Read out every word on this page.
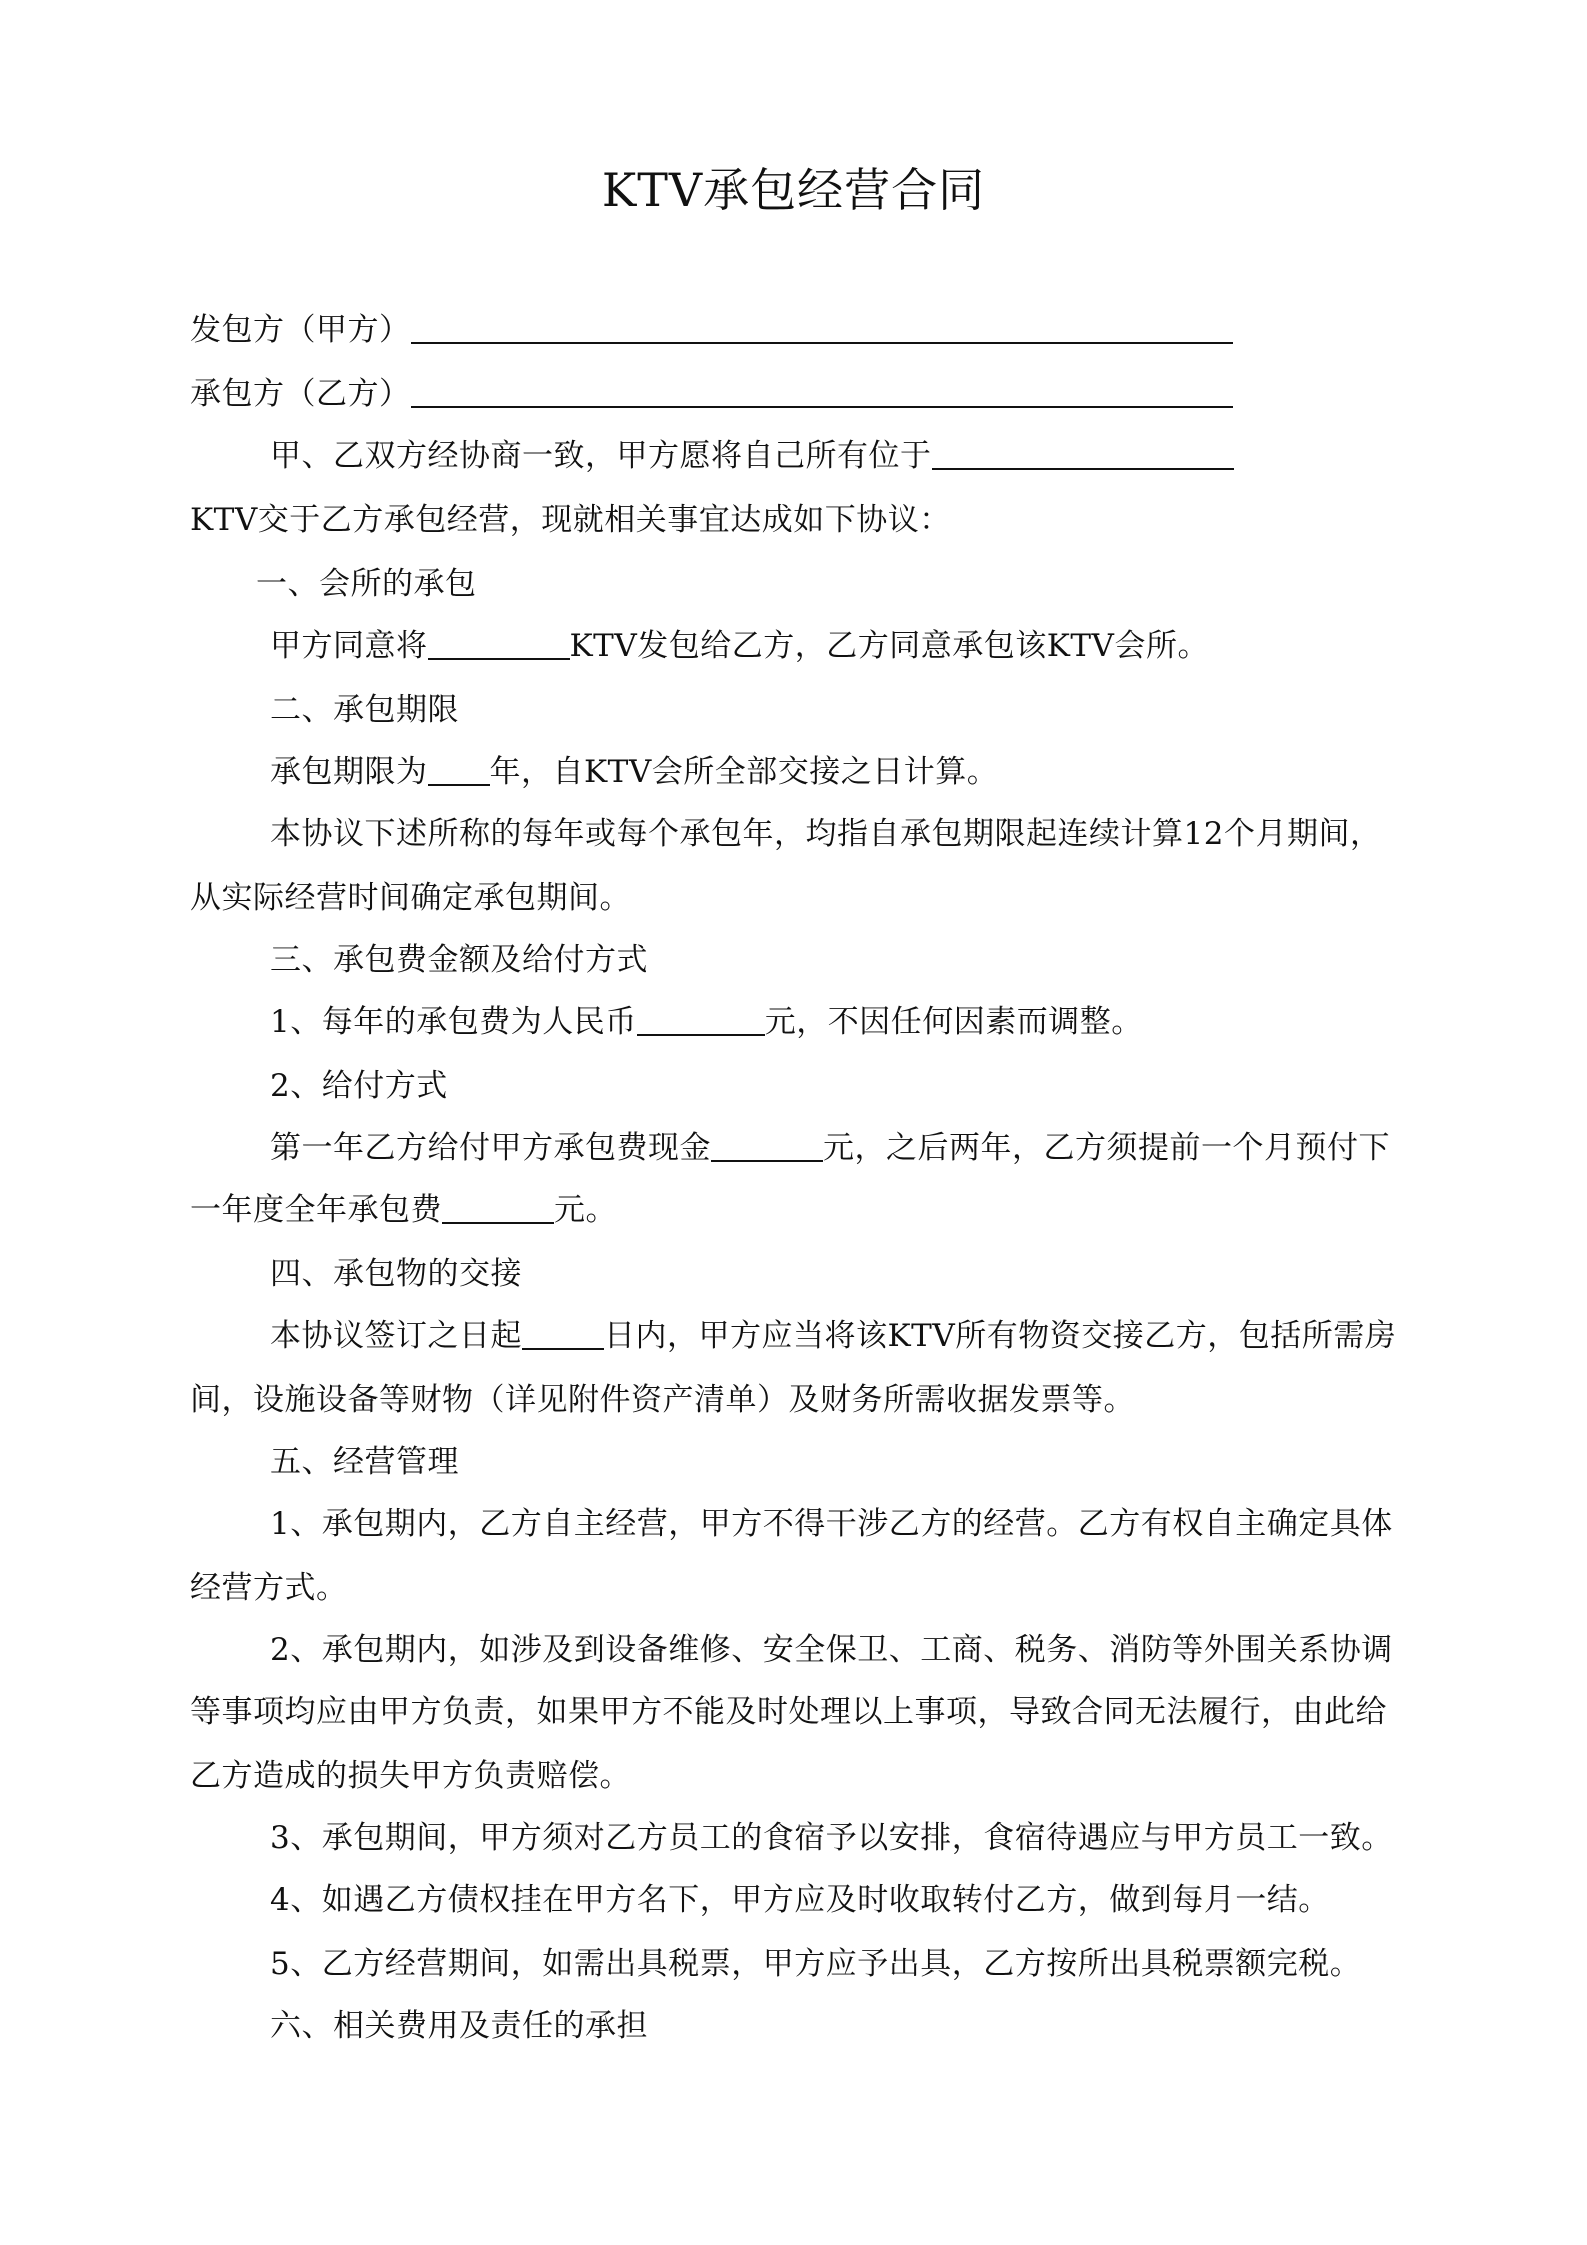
KTV承包经营合同
发包方（甲方）
承包方（乙方）
甲、乙双方经协商一致，甲方愿将自己所有位于
KTV交于乙方承包经营，现就相关事宜达成如下协议：
一、会所的承包
甲方同意将	KTV发包给乙方，乙方同意承包该KTV会所。
二、承包期限
承包期限为 年，自KTV会所全部交接之日计算。
本协议下述所称的每年或每个承包年，均指自承包期限起连续计算12个月期间，
从实际经营时间确定承包期间。
三、承包费金额及给付方式
1、每年的承包费为人民币	元，不因任何因素而调整。
2、给付方式
第一年乙方给付甲方承包费现金	元，之后两年，乙方须提前一个月预付下
一年度全年承包费	元。
四、承包物的交接
本协议签订之日起	日内，甲方应当将该KTV所有物资交接乙方，包括所需房
间，设施设备等财物（详见附件资产清单）及财务所需收据发票等。
五、经营管理
1、承包期内，乙方自主经营，甲方不得干涉乙方的经营。乙方有权自主确定具体
经营方式。
2、承包期内，如涉及到设备维修、安全保卫、工商、税务、消防等外围关系协调
等事项均应由甲方负责，如果甲方不能及时处理以上事项，导致合同无法履行，由此给
乙方造成的损失甲方负责赔偿。
3、承包期间，甲方须对乙方员工的食宿予以安排，食宿待遇应与甲方员工一致。
4、如遇乙方债权挂在甲方名下，甲方应及时收取转付乙方，做到每月一结。
5、乙方经营期间，如需出具税票，甲方应予出具，乙方按所出具税票额完税。
六、相关费用及责任的承担
